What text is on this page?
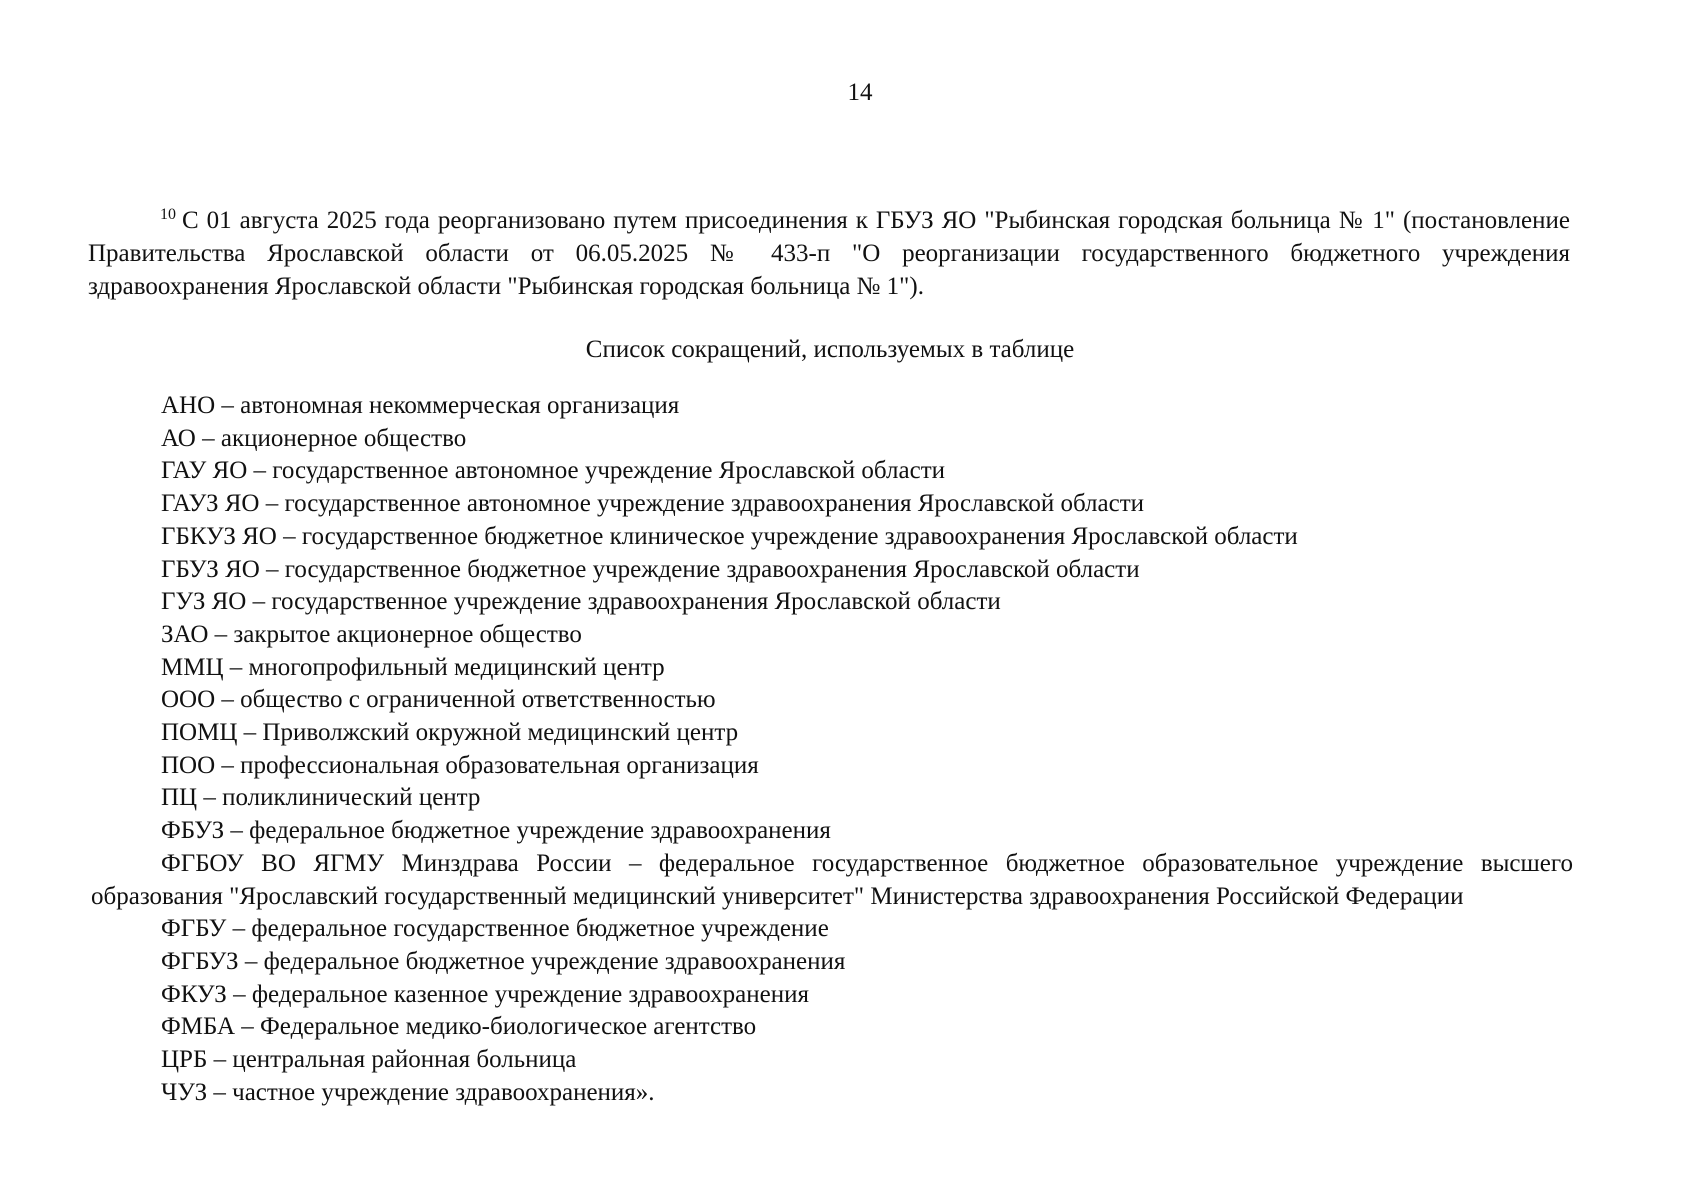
14
$^{10}$ С 01 августа 2025 года реорганизовано путем присоединения к ГБУЗ ЯО "Рыбинская городская больница № 1" (постановление Правительства Ярославской области от 06.05.2025 № 433-п "О реорганизации государственного бюджетного учреждения здравоохранения Ярославской области "Рыбинская городская больница № 1").
Список сокращений, используемых в таблице
АНО – автономная некоммерческая организация
АО – акционерное общество
ГАУ ЯО – государственное автономное учреждение Ярославской области
ГАУЗ ЯО – государственное автономное учреждение здравоохранения Ярославской области
ГБКУЗ ЯО – государственное бюджетное клиническое учреждение здравоохранения Ярославской области
ГБУЗ ЯО – государственное бюджетное учреждение здравоохранения Ярославской области
ГУЗ ЯО – государственное учреждение здравоохранения Ярославской области
ЗАО – закрытое акционерное общество
ММЦ – многопрофильный медицинский центр
ООО – общество с ограниченной ответственностью
ПОМЦ – Приволжский окружной медицинский центр
ПОО – профессиональная образовательная организация
ПЦ – поликлинический центр
ФБУЗ – федеральное бюджетное учреждение здравоохранения
ФГБОУ ВО ЯГМУ Минздрава России – федеральное государственное бюджетное образовательное учреждение высшего образования "Ярославский государственный медицинский университет" Министерства здравоохранения Российской Федерации
ФГБУ – федеральное государственное бюджетное учреждение
ФГБУЗ – федеральное бюджетное учреждение здравоохранения
ФКУЗ – федеральное казенное учреждение здравоохранения
ФМБА – Федеральное медико-биологическое агентство
ЦРБ – центральная районная больница
ЧУЗ – частное учреждение здравоохранения».
